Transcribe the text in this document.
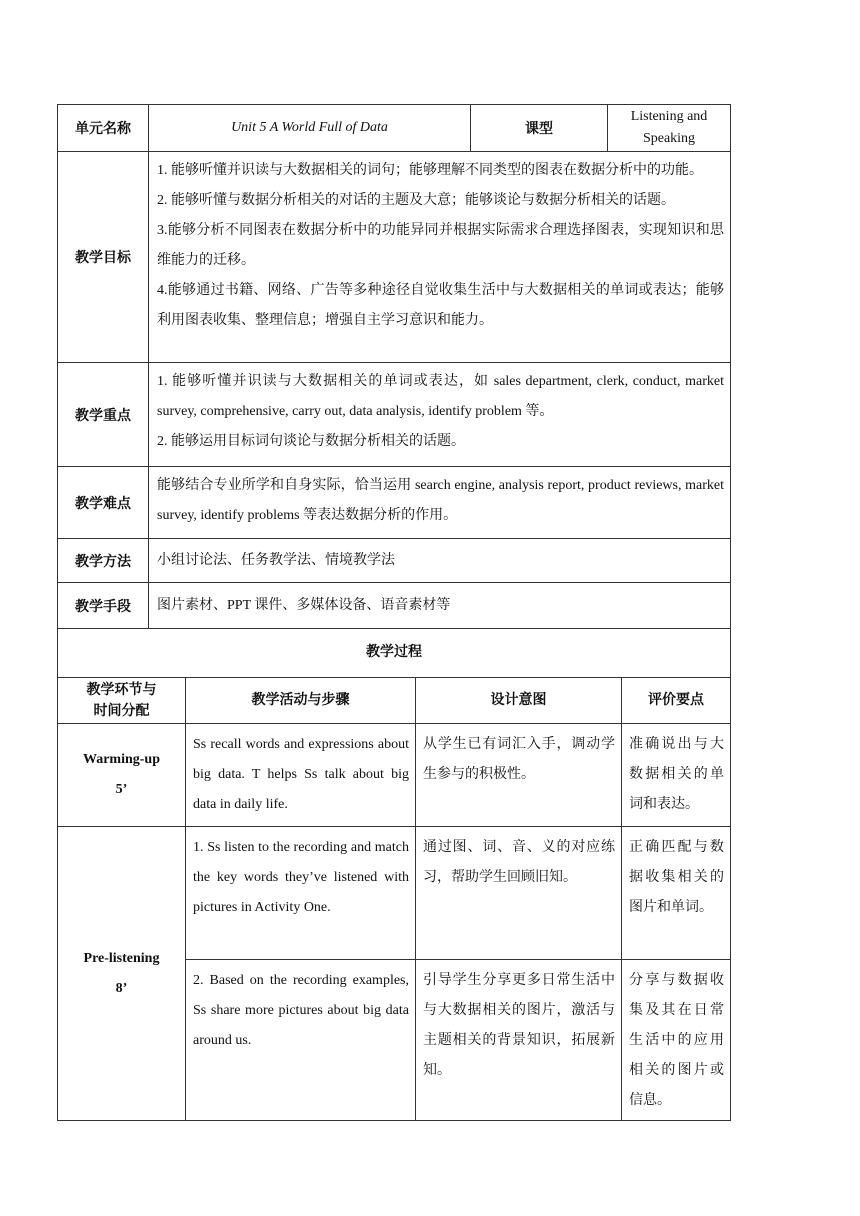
单元名称	Unit 5 A World Full of Data	课型	Listening and
Speaking

教学目标	1. 能够听懂并识读与大数据相关的词句；能够理解不同类型的图表在数据分析中的功能。

2. 能够听懂与数据分析相关的对话的主题及大意；能够谈论与数据分析相关的话题。

3.能够分析不同图表在数据分析中的功能异同并根据实际需求合理选择图表，实现知识和思维能力的迁移。

4.能够通过书籍、网络、广告等多种途径自觉收集生活中与大数据相关的单词或表达；能够利用图表收集、整理信息；增强自主学习意识和能力。		

教学重点	1. 能够听懂并识读与大数据相关的单词或表达，如 sales department, clerk, conduct, market survey, comprehensive, carry out, data analysis, identify problem 等。

2. 能够运用目标词句谈论与数据分析相关的话题。		

教学难点	能够结合专业所学和自身实际，恰当运用 search engine, analysis report, product reviews, market survey, identify problems 等表达数据分析的作用。		
教学方法	小组讨论法、任务教学法、情境教学法		
教学手段	图片素材、PPT 课件、多媒体设备、语音素材等		
教学过程			

教学环节与
时间分配	教学活动与步骤	设计意图	评价要点

Warming-up
5’	Ss recall words and expressions about big data. T helps Ss talk about big data in daily life.	从学生已有词汇入手，调动学生参与的积极性。	准确说出与大数据相关的单词和表达。

Pre-listening
8’	1. Ss listen to the recording and match the key words they’ve listened with pictures in Activity One.	通过图、词、音、义的对应练习，帮助学生回顾旧知。	正确匹配与数据收集相关的图片和单词。
	2. Based on the recording examples, Ss share more pictures about big data around us.	引导学生分享更多日常生活中与大数据相关的图片，激活与主题相关的背景知识，拓展新知。	分享与数据收集及其在日常生活中的应用相关的图片或信息。
